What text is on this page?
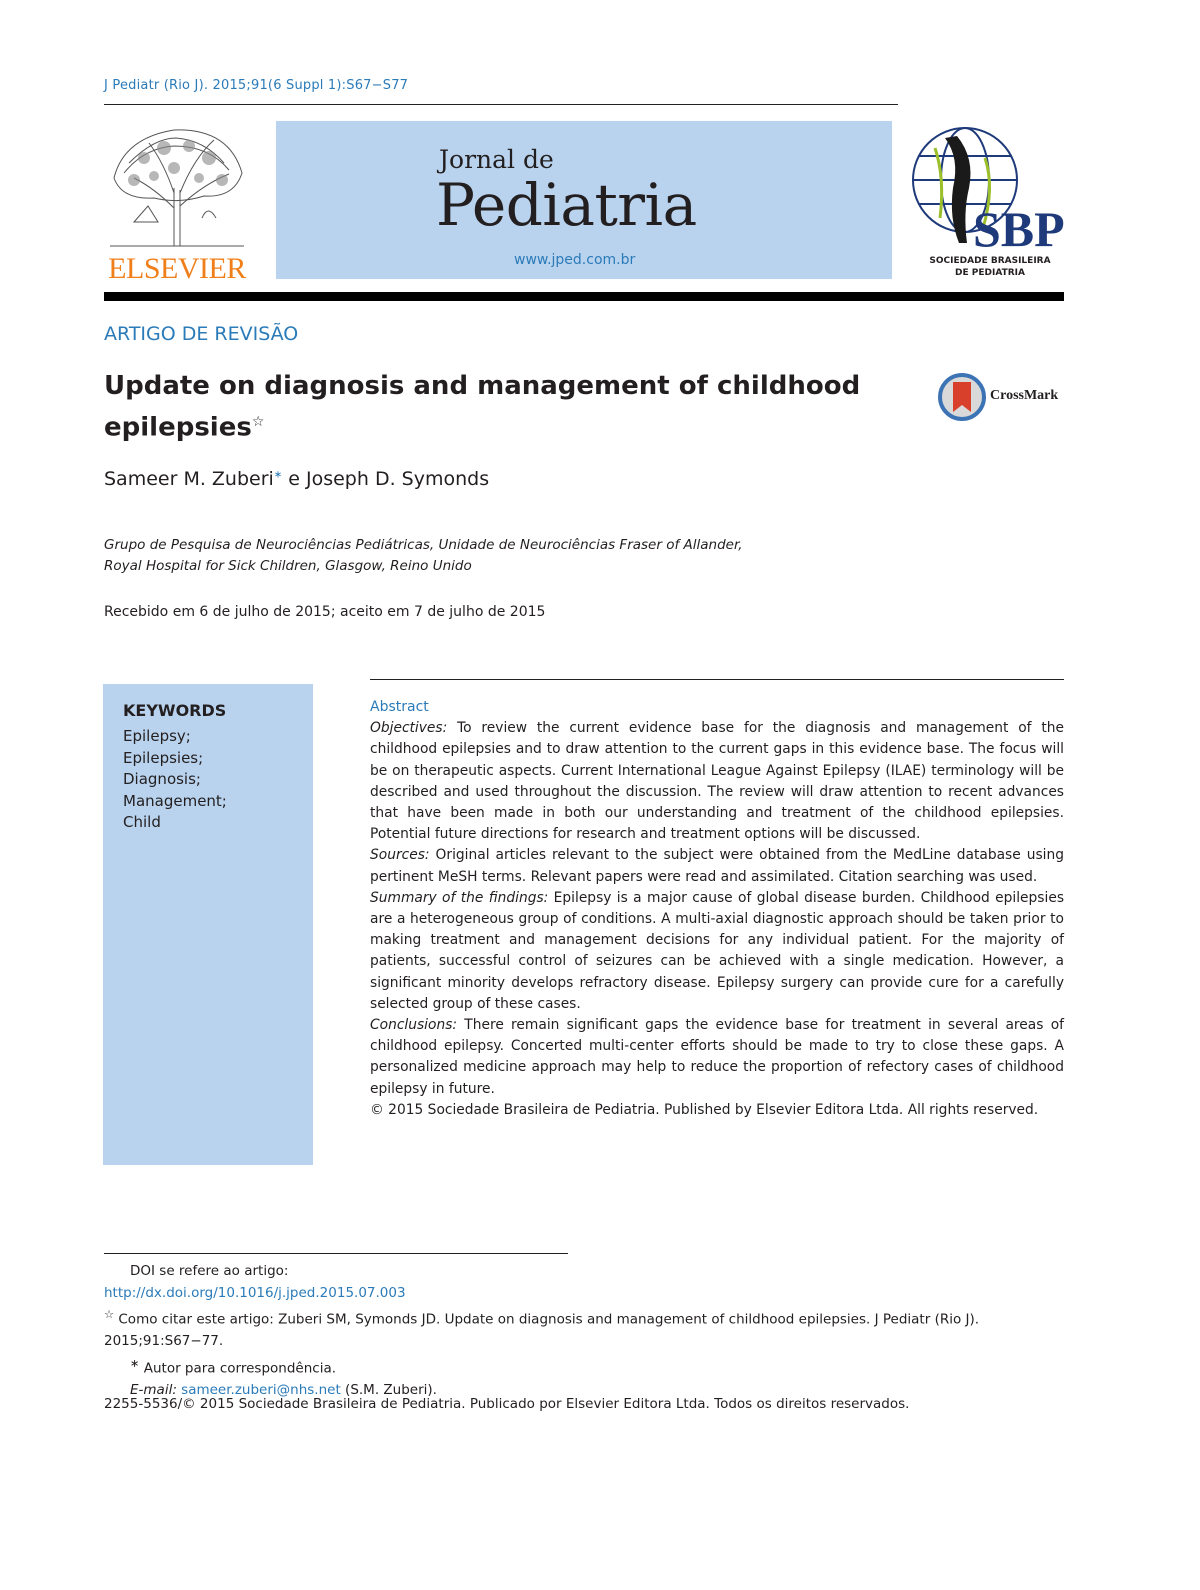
J Pediatr (Rio J). 2015;91(6 Suppl 1):S67−S77
ELSEVIER
Jornal de
Pediatria
www.jped.com.br
SBP
SOCIEDADE BRASILEIRA
DE PEDIATRIA
ARTIGO DE REVISÃO
Update on diagnosis and management of childhood
epilepsies☆
CrossMark
Sameer M. Zuberi∗ e Joseph D. Symonds
Grupo de Pesquisa de Neurociências Pediátricas, Unidade de Neurociências Fraser of Allander,
Royal Hospital for Sick Children, Glasgow, Reino Unido
Recebido em 6 de julho de 2015; aceito em 7 de julho de 2015
KEYWORDS
Epilepsy;
Epilepsies;
Diagnosis;
Management;
Child
Abstract

Objectives: To review the current evidence base for the diagnosis and management of the childhood epilepsies and to draw attention to the current gaps in this evidence base. The focus will be on therapeutic aspects. Current International League Against Epilepsy (ILAE) terminology will be described and used throughout the discussion. The review will draw attention to recent advances that have been made in both our understanding and treatment of the childhood epilepsies. Potential future directions for research and treatment options will be discussed.

Sources: Original articles relevant to the subject were obtained from the MedLine database using pertinent MeSH terms. Relevant papers were read and assimilated. Citation searching was used.

Summary of the findings: Epilepsy is a major cause of global disease burden. Childhood epilepsies are a heterogeneous group of conditions. A multi-axial diagnostic approach should be taken prior to making treatment and management decisions for any individual patient. For the majority of patients, successful control of seizures can be achieved with a single medication. However, a significant minority develops refractory disease. Epilepsy surgery can provide cure for a carefully selected group of these cases.

Conclusions: There remain significant gaps the evidence base for treatment in several areas of childhood epilepsy. Concerted multi-center efforts should be made to try to close these gaps. A personalized medicine approach may help to reduce the proportion of refectory cases of childhood epilepsy in future.

© 2015 Sociedade Brasileira de Pediatria. Published by Elsevier Editora Ltda. All rights reserved.

DOI se refere ao artigo:

http://dx.doi.org/10.1016/j.jped.2015.07.003

☆ Como citar este artigo: Zuberi SM, Symonds JD. Update on diagnosis and management of childhood epilepsies. J Pediatr (Rio J). 2015;91:S67−77.

∗ Autor para correspondência.

E-mail: sameer.zuberi@nhs.net (S.M. Zuberi).

2255-5536/© 2015 Sociedade Brasileira de Pediatria. Publicado por Elsevier Editora Ltda. Todos os direitos reservados.
